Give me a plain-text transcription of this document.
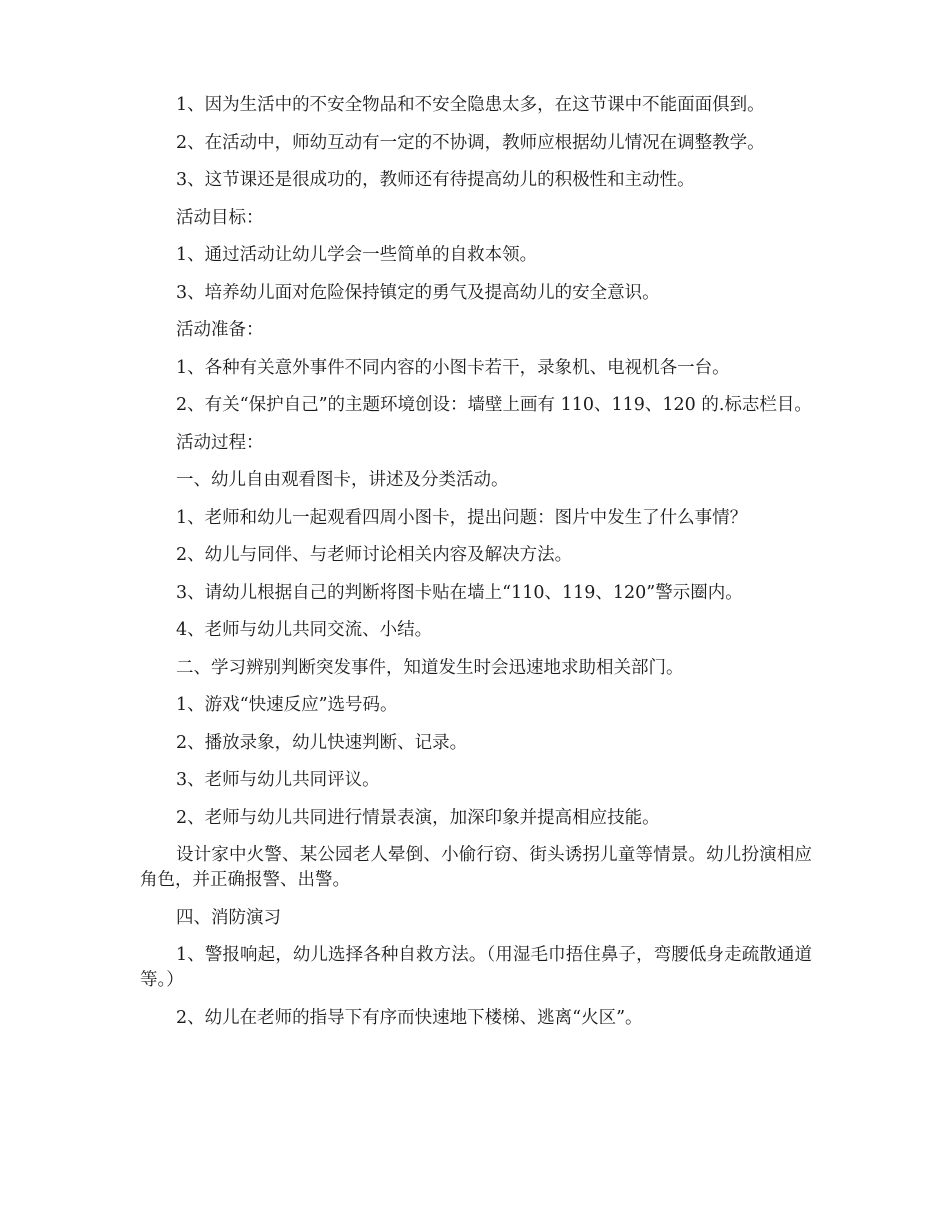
1、因为生活中的不安全物品和不安全隐患太多，在这节课中不能面面俱到。

2、在活动中，师幼互动有一定的不协调，教师应根据幼儿情况在调整教学。

3、这节课还是很成功的，教师还有待提高幼儿的积极性和主动性。

活动目标：

1、通过活动让幼儿学会一些简单的自救本领。

3、培养幼儿面对危险保持镇定的勇气及提高幼儿的安全意识。

活动准备：

1、各种有关意外事件不同内容的小图卡若干，录象机、电视机各一台。

2、有关“保护自己”的主题环境创设：墙壁上画有 110、119、120 的.标志栏目。

活动过程：

一、幼儿自由观看图卡，讲述及分类活动。

1、老师和幼儿一起观看四周小图卡，提出问题：图片中发生了什么事情？

2、幼儿与同伴、与老师讨论相关内容及解决方法。

3、请幼儿根据自己的判断将图卡贴在墙上“110、119、120”警示圈内。

4、老师与幼儿共同交流、小结。

二、学习辨别判断突发事件，知道发生时会迅速地求助相关部门。

1、游戏“快速反应”选号码。

2、播放录象，幼儿快速判断、记录。

3、老师与幼儿共同评议。

2、老师与幼儿共同进行情景表演，加深印象并提高相应技能。

设计家中火警、某公园老人晕倒、小偷行窃、街头诱拐儿童等情景。幼儿扮演相应角色，并正确报警、出警。

四、消防演习

1、警报响起，幼儿选择各种自救方法。（用湿毛巾捂住鼻子，弯腰低身走疏散通道等。）

2、幼儿在老师的指导下有序而快速地下楼梯、逃离“火区”。
